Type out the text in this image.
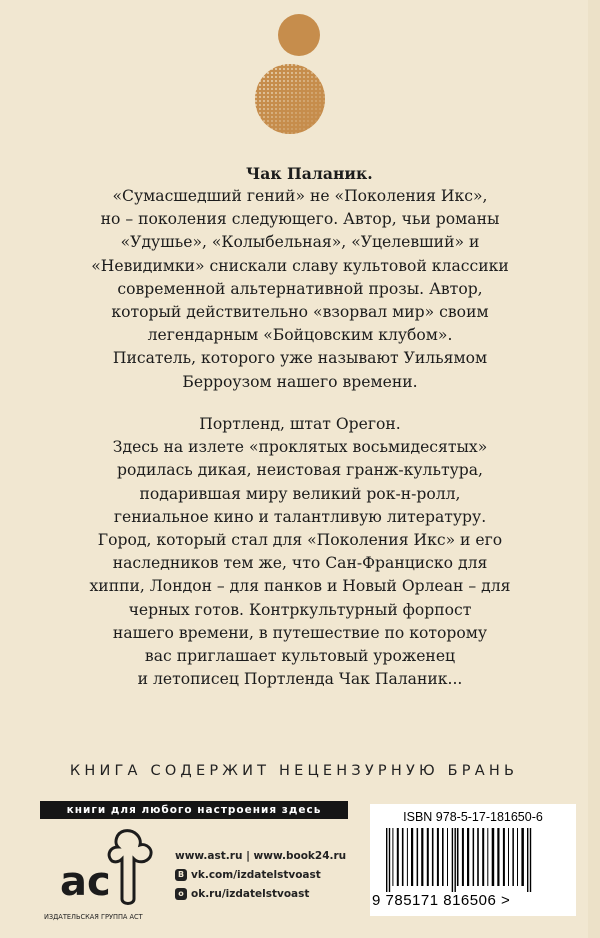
Чак Паланик.
«Сумасшедший гений» не «Поколения Икс»,
но – поколения следующего. Автор, чьи романы
«Удушье», «Колыбельная», «Уцелевший» и
«Невидимки» снискали славу культовой классики
современной альтернативной прозы. Автор,
который действительно «взорвал мир» своим
легендарным «Бойцовским клубом».
Писатель, которого уже называют Уильямом
Берроузом нашего времени.
Портленд, штат Орегон.
Здесь на излете «проклятых восьмидесятых»
родилась дикая, неистовая гранж-культура,
подарившая миру великий рок-н-ролл,
гениальное кино и талантливую литературу.
Город, который стал для «Поколения Икс» и его
наследников тем же, что Сан-Франциско для
хиппи, Лондон – для панков и Новый Орлеан – для
черных готов. Контркультурный форпост
нашего времени, в путешествие по которому
вас приглашает культовый уроженец
и летописец Портленда Чак Паланик...
КНИГА СОДЕРЖИТ НЕЦЕНЗУРНУЮ БРАНЬ
книги для любого настроения здесь
ac
ИЗДАТЕЛЬСКАЯ ГРУППА АСТ
www.ast.ru | www.book24.ru
B vk.com/izdatelstvoast
o ok.ru/izdatelstvoast
ISBN 978-5-17-181650-6
9 785171 816506 >
